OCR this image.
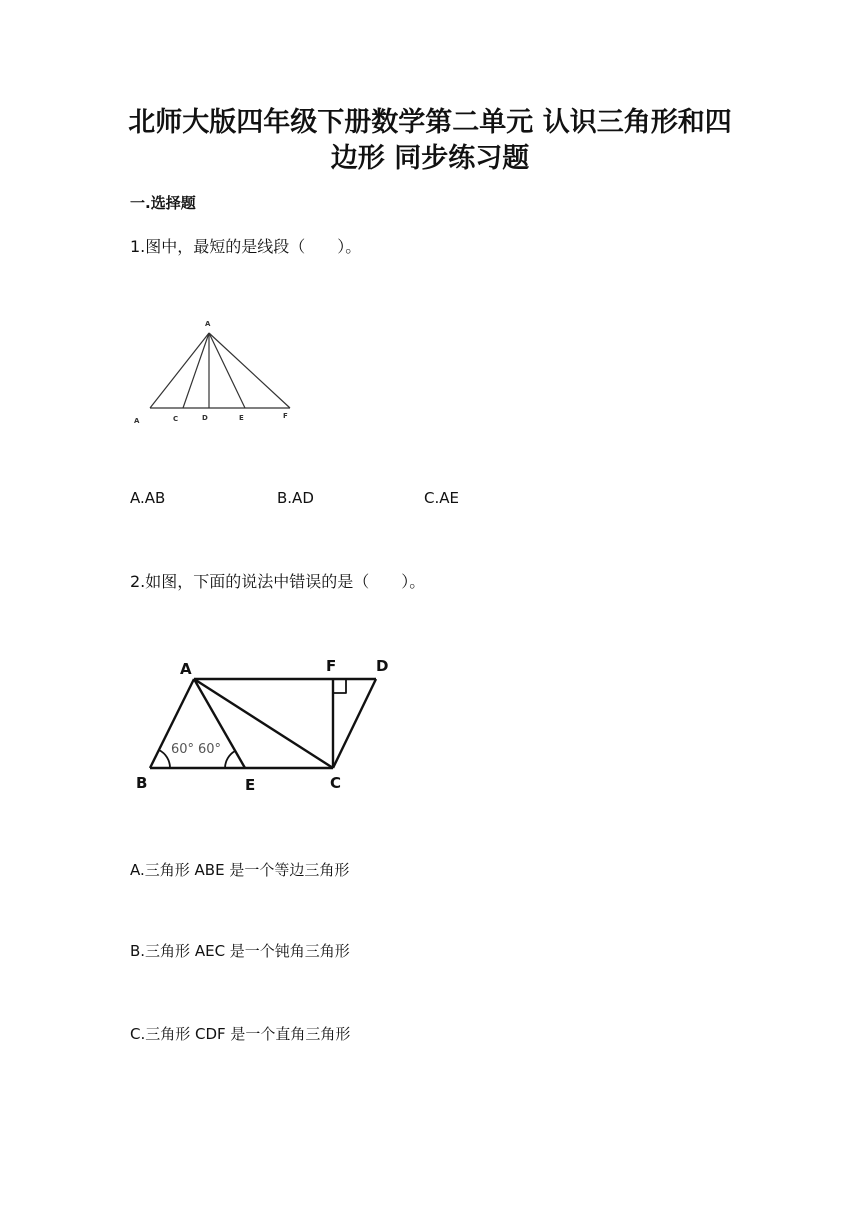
北师大版四年级下册数学第二单元 认识三角形和四
边形 同步练习题
一.选择题
1.图中，最短的是线段（　　）。
A
A	C	D	E	F
A.AB	B.AD	C.AE
2.如图，下面的说法中错误的是（　　）。
A	F	D
B	E	C
60° 60°
A.三角形 ABE 是一个等边三角形
B.三角形 AEC 是一个钝角三角形
C.三角形 CDF 是一个直角三角形
